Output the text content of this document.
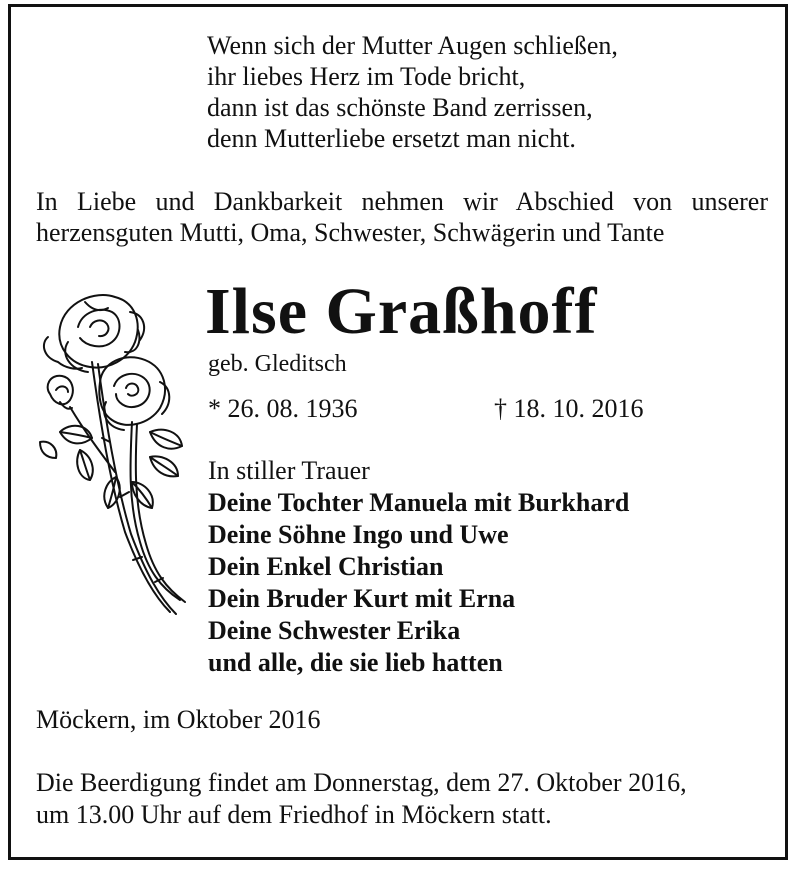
Wenn sich der Mutter Augen schließen,
ihr liebes Herz im Tode bricht,
dann ist das schönste Band zerrissen,
denn Mutterliebe ersetzt man nicht.
In Liebe und Dankbarkeit nehmen wir Abschied von unserer
herzensguten Mutti, Oma, Schwester, Schwägerin und Tante
Ilse Graßhoff
geb. Gleditsch
* 26. 08. 1936	† 18. 10. 2016
In stiller Trauer
Deine Tochter Manuela mit Burkhard
Deine Söhne Ingo und Uwe
Dein Enkel Christian
Dein Bruder Kurt mit Erna
Deine Schwester Erika
und alle, die sie lieb hatten
Möckern, im Oktober 2016
Die Beerdigung findet am Donnerstag, dem 27. Oktober 2016,
um 13.00 Uhr auf dem Friedhof in Möckern statt.
